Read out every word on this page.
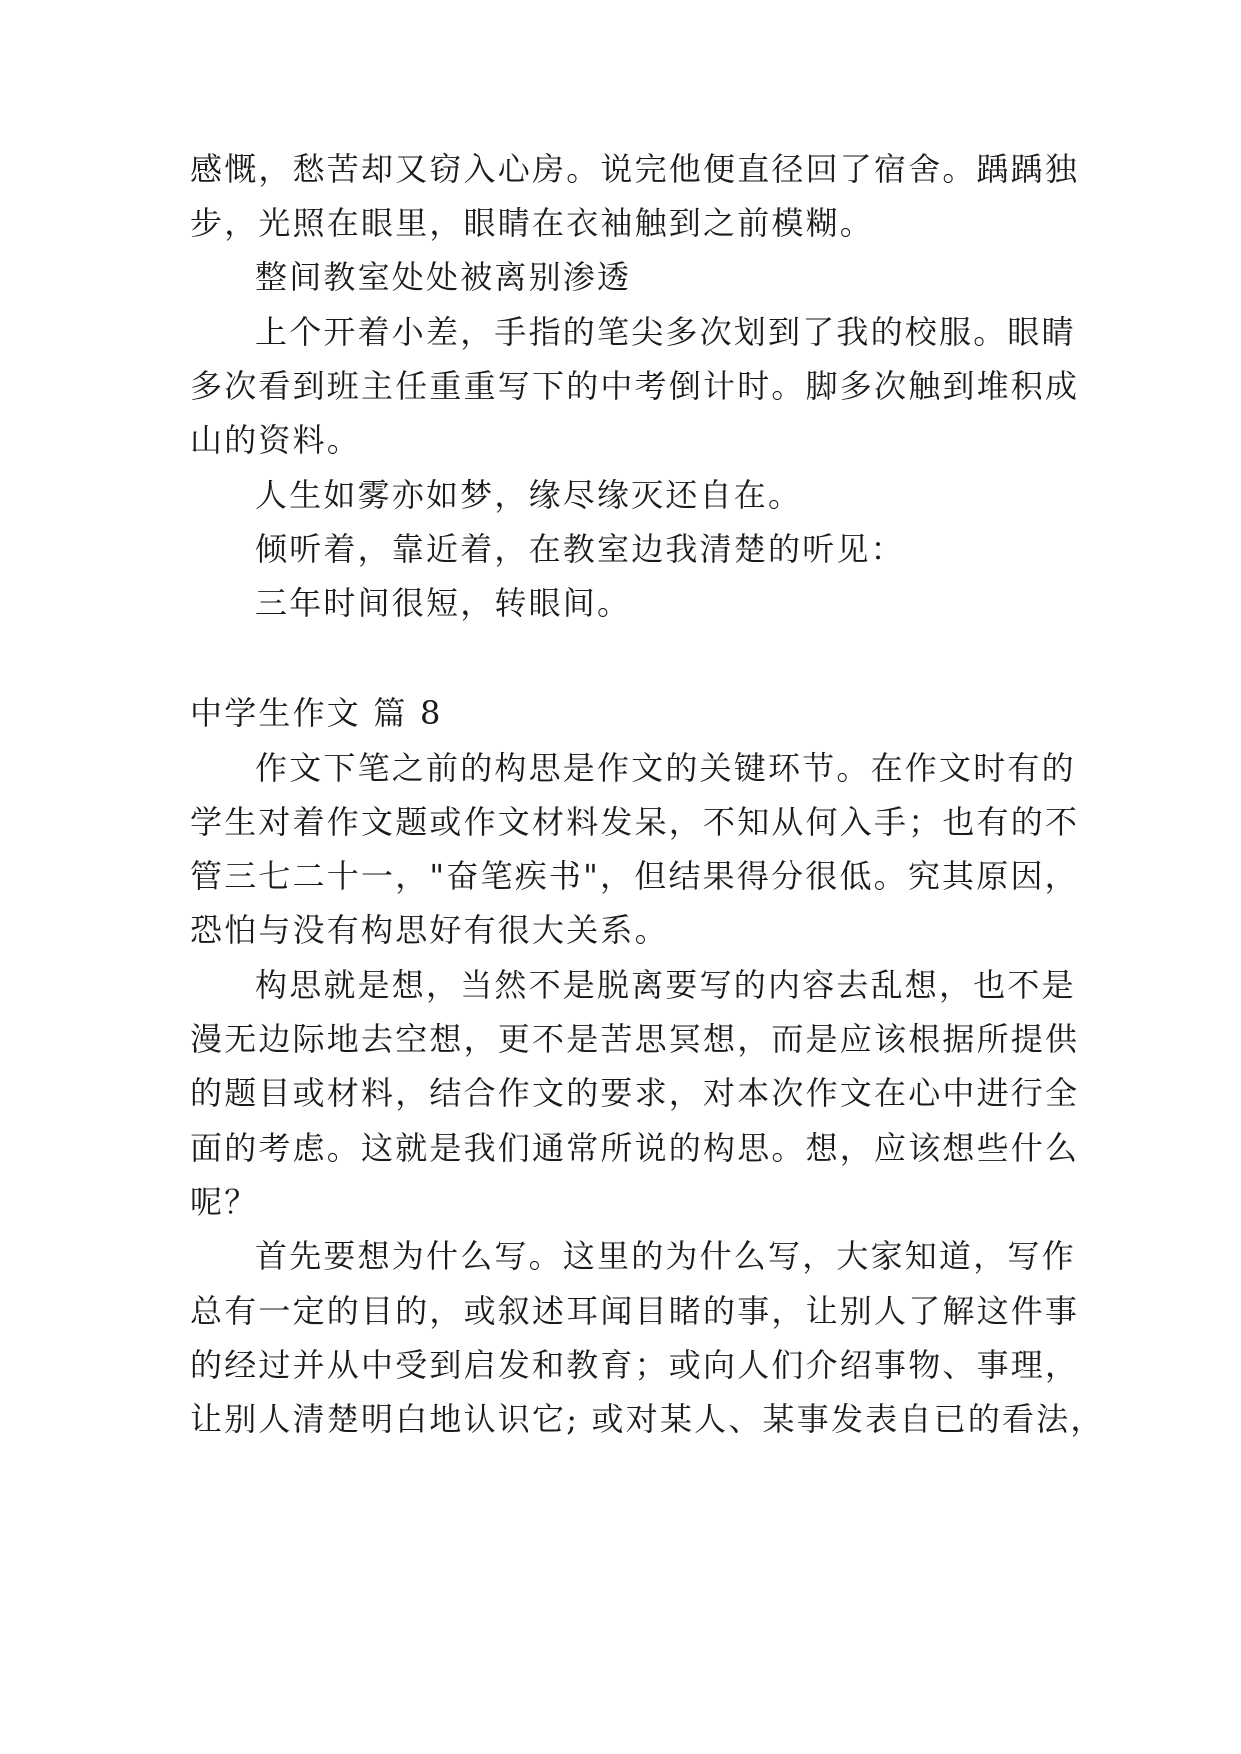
感慨，愁苦却又窃入心房。说完他便直径回了宿舍。踽踽独
步，光照在眼里，眼睛在衣袖触到之前模糊。
整间教室处处被离别渗透
上个开着小差，手指的笔尖多次划到了我的校服。眼睛
多次看到班主任重重写下的中考倒计时。脚多次触到堆积成
山的资料。
人生如雾亦如梦，缘尽缘灭还自在。
倾听着，靠近着，在教室边我清楚的听见：
三年时间很短，转眼间。
中学生作文 篇 8
作文下笔之前的构思是作文的关键环节。在作文时有的
学生对着作文题或作文材料发呆，不知从何入手；也有的不
管三七二十一，"奋笔疾书"，但结果得分很低。究其原因，
恐怕与没有构思好有很大关系。
构思就是想，当然不是脱离要写的内容去乱想，也不是
漫无边际地去空想，更不是苦思冥想，而是应该根据所提供
的题目或材料，结合作文的要求，对本次作文在心中进行全
面的考虑。这就是我们通常所说的构思。想，应该想些什么
呢？
首先要想为什么写。这里的为什么写，大家知道，写作
总有一定的目的，或叙述耳闻目睹的事，让别人了解这件事
的经过并从中受到启发和教育；或向人们介绍事物、事理，
让别人清楚明白地认识它; 或对某人、某事发表自已的看法，
